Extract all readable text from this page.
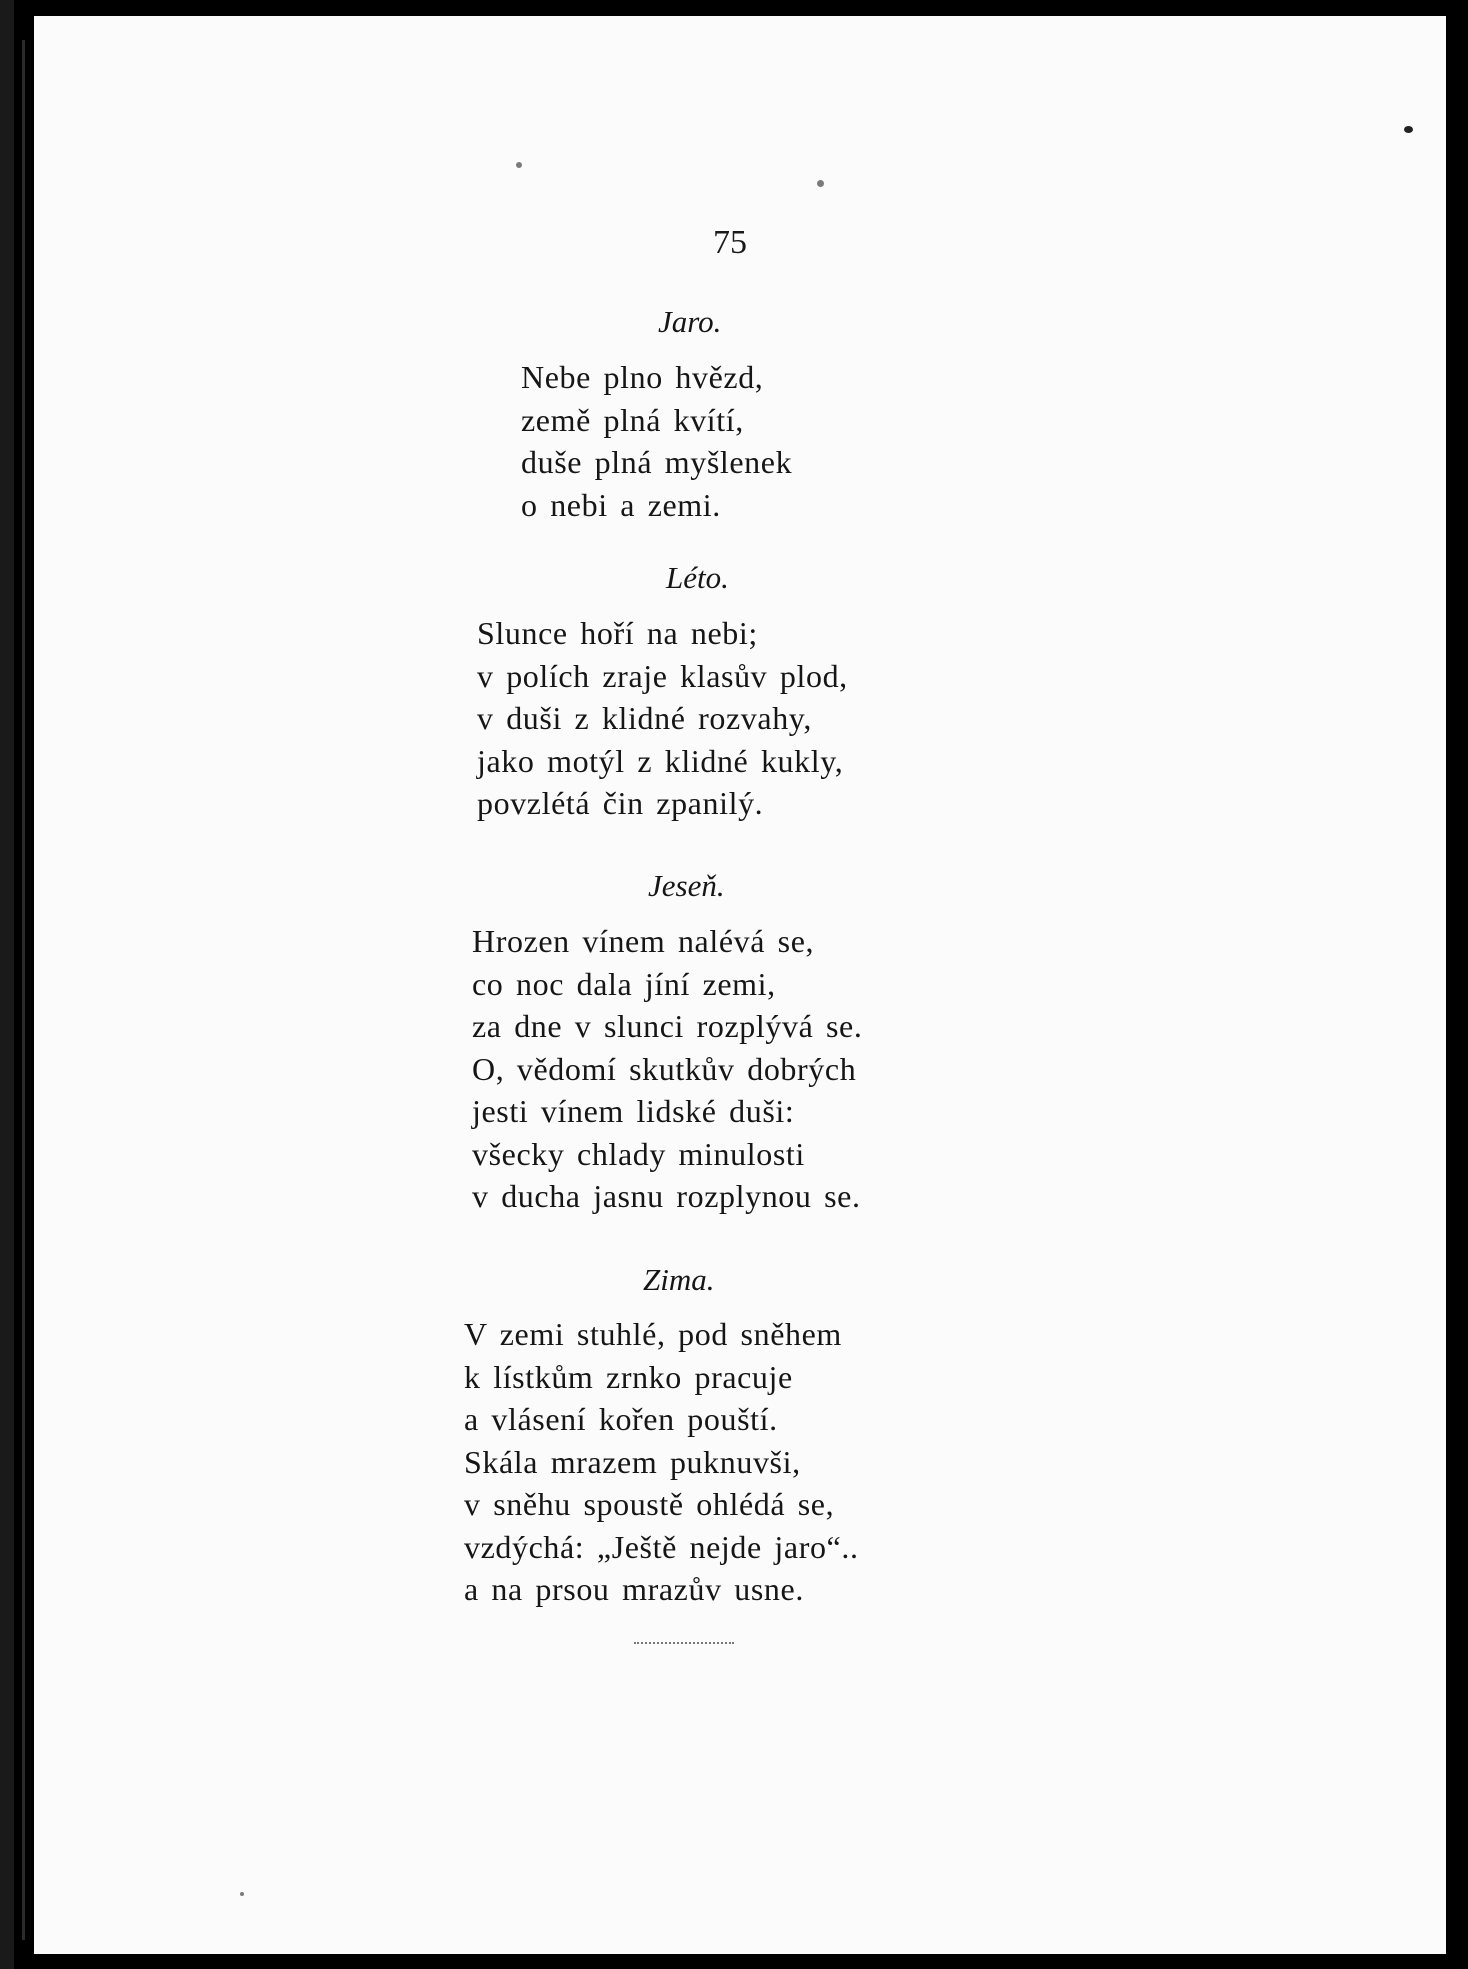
75
Jaro.
Nebe plno hvězd,
země plná kvítí,
duše plná myšlenek
o nebi a zemi.
Léto.
Slunce hoří na nebi;
v polích zraje klasův plod,
v duši z klidné rozvahy,
jako motýl z klidné kukly,
povzlétá čin zpanilý.
Jeseň.
Hrozen vínem nalévá se,
co noc dala jíní zemi,
za dne v slunci rozplývá se.
O, vědomí skutkův dobrých
jesti vínem lidské duši:
všecky chlady minulosti
v ducha jasnu rozplynou se.
Zima.
V zemi stuhlé, pod sněhem
k lístkům zrnko pracuje
a vlásení kořen pouští.
Skála mrazem puknuvši,
v sněhu spoustě ohlédá se,
vzdýchá: „Ještě nejde jaro“..
a na prsou mrazův usne.
